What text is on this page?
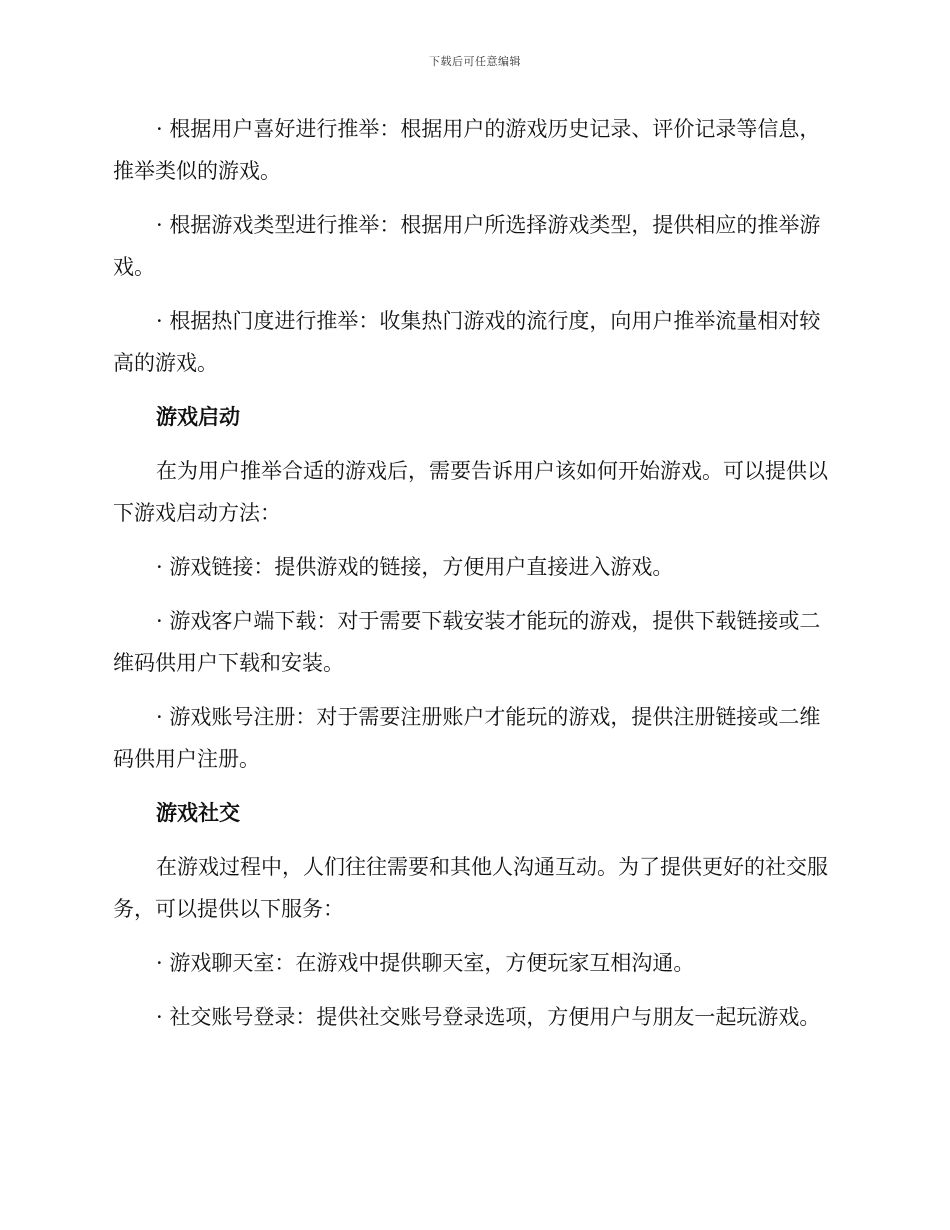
下载后可任意编辑

· 根据用户喜好进行推举：根据用户的游戏历史记录、评价记录等信息，推举类似的游戏。

· 根据游戏类型进行推举：根据用户所选择游戏类型，提供相应的推举游戏。

· 根据热门度进行推举：收集热门游戏的流行度，向用户推举流量相对较高的游戏。

游戏启动

在为用户推举合适的游戏后，需要告诉用户该如何开始游戏。可以提供以下游戏启动方法：

· 游戏链接：提供游戏的链接，方便用户直接进入游戏。

· 游戏客户端下载：对于需要下载安装才能玩的游戏，提供下载链接或二维码供用户下载和安装。

· 游戏账号注册：对于需要注册账户才能玩的游戏，提供注册链接或二维码供用户注册。

游戏社交

在游戏过程中，人们往往需要和其他人沟通互动。为了提供更好的社交服务，可以提供以下服务：

· 游戏聊天室：在游戏中提供聊天室，方便玩家互相沟通。

· 社交账号登录：提供社交账号登录选项，方便用户与朋友一起玩游戏。
